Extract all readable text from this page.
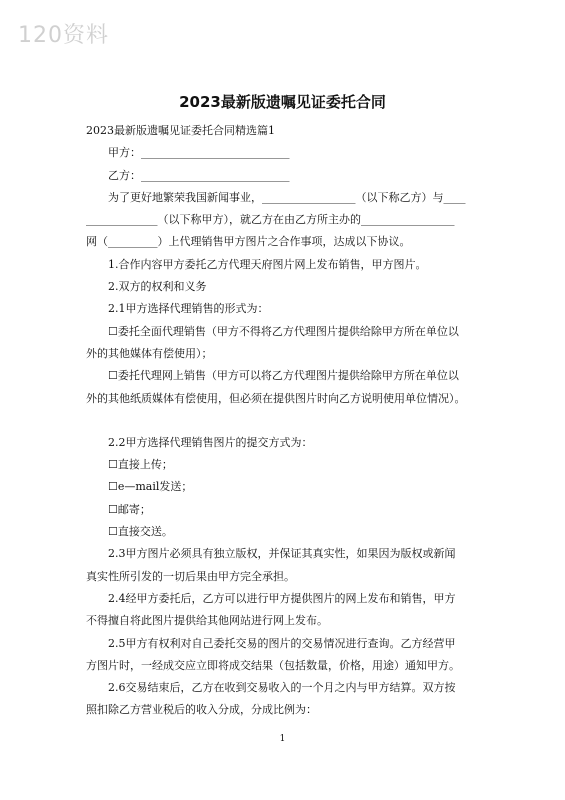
120资料
2023最新版遗嘱见证委托合同
2023最新版遗嘱见证委托合同精选篇1
甲方：___________________________
乙方：___________________________
为了更好地繁荣我国新闻事业，_________________（以下称乙方）与____
_____________（以下称甲方），就乙方在由乙方所主办的_________________
网（_________）上代理销售甲方图片之合作事项，达成以下协议。
1.合作内容甲方委托乙方代理天府图片网上发布销售，甲方图片。
2.双方的权利和义务
2.1甲方选择代理销售的形式为：
☐委托全面代理销售（甲方不得将乙方代理图片提供给除甲方所在单位以
外的其他媒体有偿使用）；
☐委托代理网上销售（甲方可以将乙方代理图片提供给除甲方所在单位以
外的其他纸质媒体有偿使用，但必须在提供图片时向乙方说明使用单位情况）。
2.2甲方选择代理销售图片的提交方式为：
☐直接上传；
☐e—mail发送；
☐邮寄；
☐直接交送。
2.3甲方图片必须具有独立版权，并保证其真实性，如果因为版权或新闻
真实性所引发的一切后果由甲方完全承担。
2.4经甲方委托后，乙方可以进行甲方提供图片的网上发布和销售，甲方
不得擅自将此图片提供给其他网站进行网上发布。
2.5甲方有权利对自己委托交易的图片的交易情况进行查询。乙方经营甲
方图片时，一经成交应立即将成交结果（包括数量，价格，用途）通知甲方。
2.6交易结束后，乙方在收到交易收入的一个月之内与甲方结算。双方按
照扣除乙方营业税后的收入分成，分成比例为：
1
